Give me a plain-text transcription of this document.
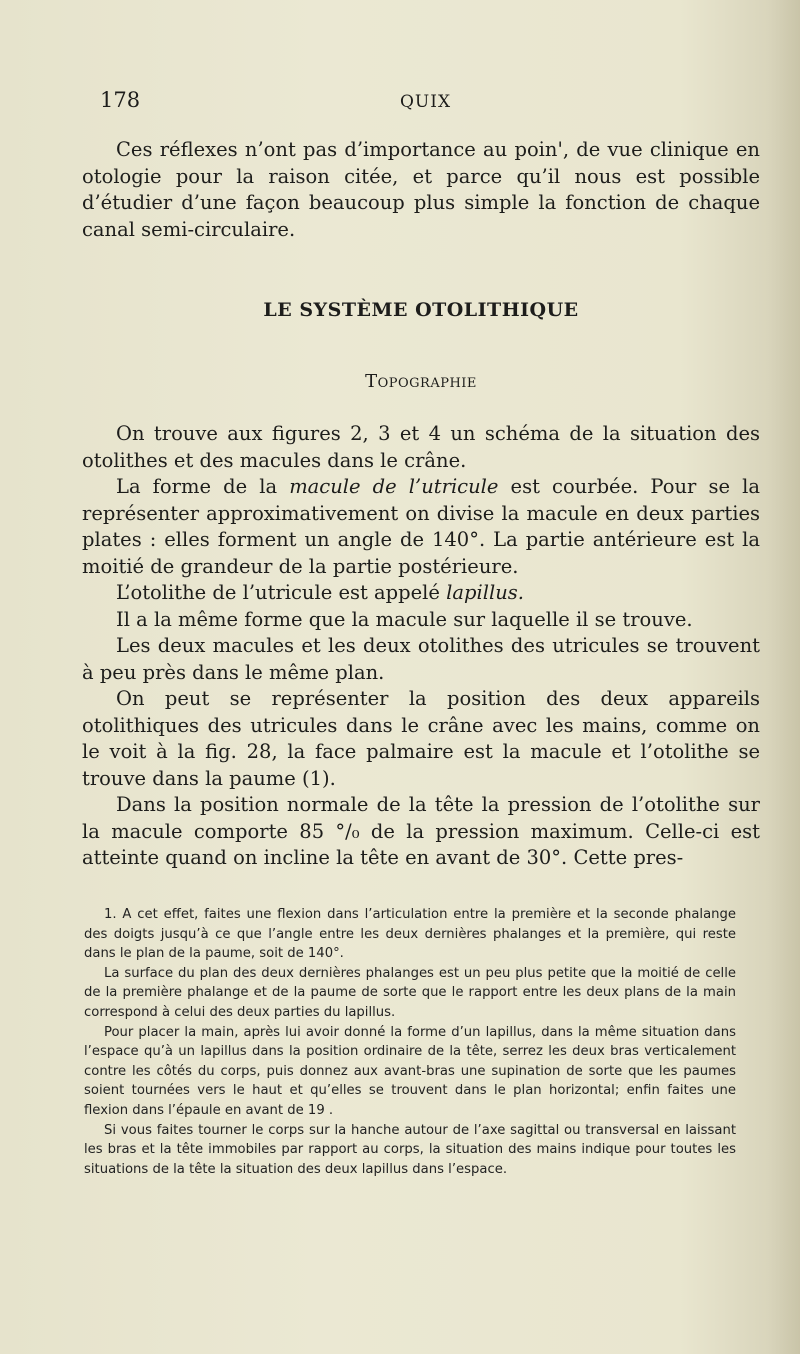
178	QUIX

Ces réflexes n’ont pas d’importance au poin', de vue clinique en otologie pour la raison citée, et parce qu’il nous est possible d’étudier d’une façon beaucoup plus simple la fonction de chaque canal semi-circulaire.

LE SYSTÈME OTOLITHIQUE
Topographie

On trouve aux figures 2, 3 et 4 un schéma de la situation des otolithes et des macules dans le crâne.

La forme de la macule de l’utricule est courbée. Pour se la représenter approximativement on divise la macule en deux parties plates : elles forment un angle de 140°. La partie antérieure est la moitié de grandeur de la partie postérieure.

L’otolithe de l’utricule est appelé lapillus.

Il a la même forme que la macule sur laquelle il se trouve.

Les deux macules et les deux otolithes des utricules se trouvent à peu près dans le même plan.

On peut se représenter la position des deux appareils otolithiques des utricules dans le crâne avec les mains, comme on le voit à la fig. 28, la face palmaire est la macule et l’otolithe se trouve dans la paume (1).

Dans la position normale de la tête la pression de l’otolithe sur la macule comporte 85 °/₀ de la pression maximum. Celle-ci est atteinte quand on incline la tête en avant de 30°. Cette pres-

1. A cet effet, faites une flexion dans l’articulation entre la première et la seconde phalange des doigts jusqu’à ce que l’angle entre les deux dernières phalanges et la première, qui reste dans le plan de la paume, soit de 140°.

La surface du plan des deux dernières phalanges est un peu plus petite que la moitié de celle de la première phalange et de la paume de sorte que le rapport entre les deux plans de la main correspond à celui des deux parties du lapillus.

Pour placer la main, après lui avoir donné la forme d’un lapillus, dans la même situation dans l’espace qu’à un lapillus dans la position ordinaire de la tête, serrez les deux bras verticalement contre les côtés du corps, puis donnez aux avant-bras une supination de sorte que les paumes soient tournées vers le haut et qu’elles se trouvent dans le plan horizontal; enfin faites une flexion dans l’épaule en avant de 19 .

Si vous faites tourner le corps sur la hanche autour de l’axe sagittal ou transversal en laissant les bras et la tête immobiles par rapport au corps, la situation des mains indique pour toutes les situations de la tête la situation des deux lapillus dans l’espace.
